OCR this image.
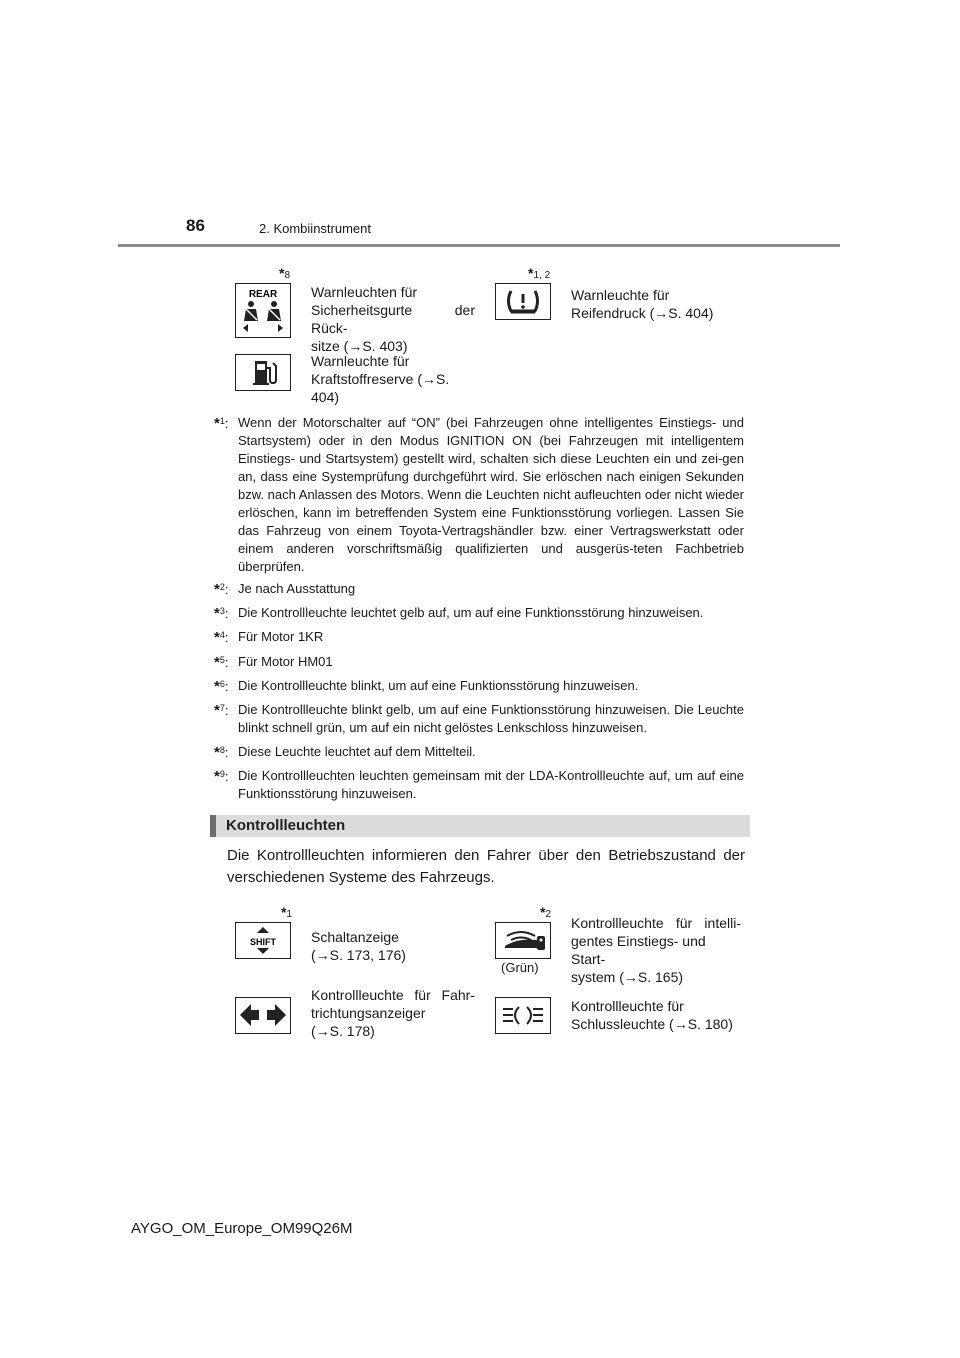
86	2. Kombiinstrument
*8
REAR Warnleuchten für
Sicherheitsgurte der Rück-
sitze (→S. 403)
*1, 2
Warnleuchte für
Reifendruck (→S. 404)
Warnleuchte für
Kraftstoffreserve (→S. 404)
*$^1$: Wenn der Motorschalter auf “ON” (bei Fahrzeugen ohne intelligentes Einstiegs- und Startsystem) oder in den Modus IGNITION ON (bei Fahrzeugen mit intelligentem Einstiegs- und Startsystem) gestellt wird, schalten sich diese Leuchten ein und zei-gen an, dass eine Systemprüfung durchgeführt wird. Sie erlöschen nach einigen Sekunden bzw. nach Anlassen des Motors. Wenn die Leuchten nicht aufleuchten oder nicht wieder erlöschen, kann im betreffenden System eine Funktionsstörung vorliegen. Lassen Sie das Fahrzeug von einem Toyota-Vertragshändler bzw. einer Vertragswerkstatt oder einem anderen vorschriftsmäßig qualifizierten und ausgerüs-teten Fachbetrieb überprüfen.
*$^2$: Je nach Ausstattung
*$^3$: Die Kontrollleuchte leuchtet gelb auf, um auf eine Funktionsstörung hinzuweisen.
*$^4$: Für Motor 1KR
*$^5$: Für Motor HM01
*$^6$: Die Kontrollleuchte blinkt, um auf eine Funktionsstörung hinzuweisen.
*$^7$: Die Kontrollleuchte blinkt gelb, um auf eine Funktionsstörung hinzuweisen. Die Leuchte blinkt schnell grün, um auf ein nicht gelöstes Lenkschloss hinzuweisen.
*$^8$: Diese Leuchte leuchtet auf dem Mittelteil.
*$^9$: Die Kontrollleuchten leuchten gemeinsam mit der LDA-Kontrollleuchte auf, um auf eine Funktionsstörung hinzuweisen.
Kontrollleuchten
Die Kontrollleuchten informieren den Fahrer über den Betriebszustand der verschiedenen Systeme des Fahrzeugs.
*1
SHIFT	Schaltanzeige
(→S. 173, 176)
*2
(Grün)
Kontrollleuchte für intelli-
gentes Einstiegs- und Start-
system (→S. 165)
Kontrollleuchte für Fahr-
trichtungsanzeiger
(→S. 178)
Kontrollleuchte für
Schlussleuchte (→S. 180)
AYGO_OM_Europe_OM99Q26M
